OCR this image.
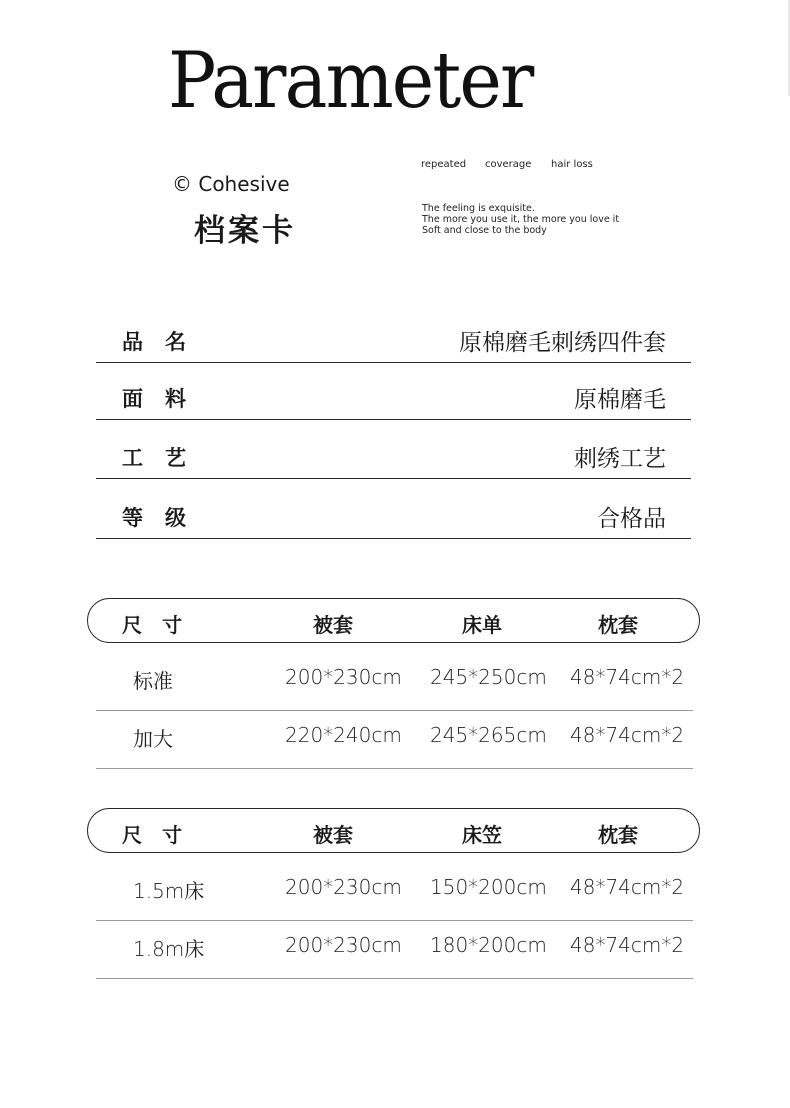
Parameter
© Cohesive
档案卡
repeated coverage hair loss
The feeling is exquisite.
The more you use it, the more you love it
Soft and close to the body
品名	原棉磨毛刺绣四件套
面料	原棉磨毛
工艺	刺绣工艺
等级	合格品
尺寸	被套	床单	枕套
标准	200*230cm 245*250cm 48*74cm*2
加大	220*240cm 245*265cm 48*74cm*2
尺寸	被套	床笠	枕套
1.5m床	200*230cm 150*200cm 48*74cm*2
1.8m床	200*230cm 180*200cm 48*74cm*2
